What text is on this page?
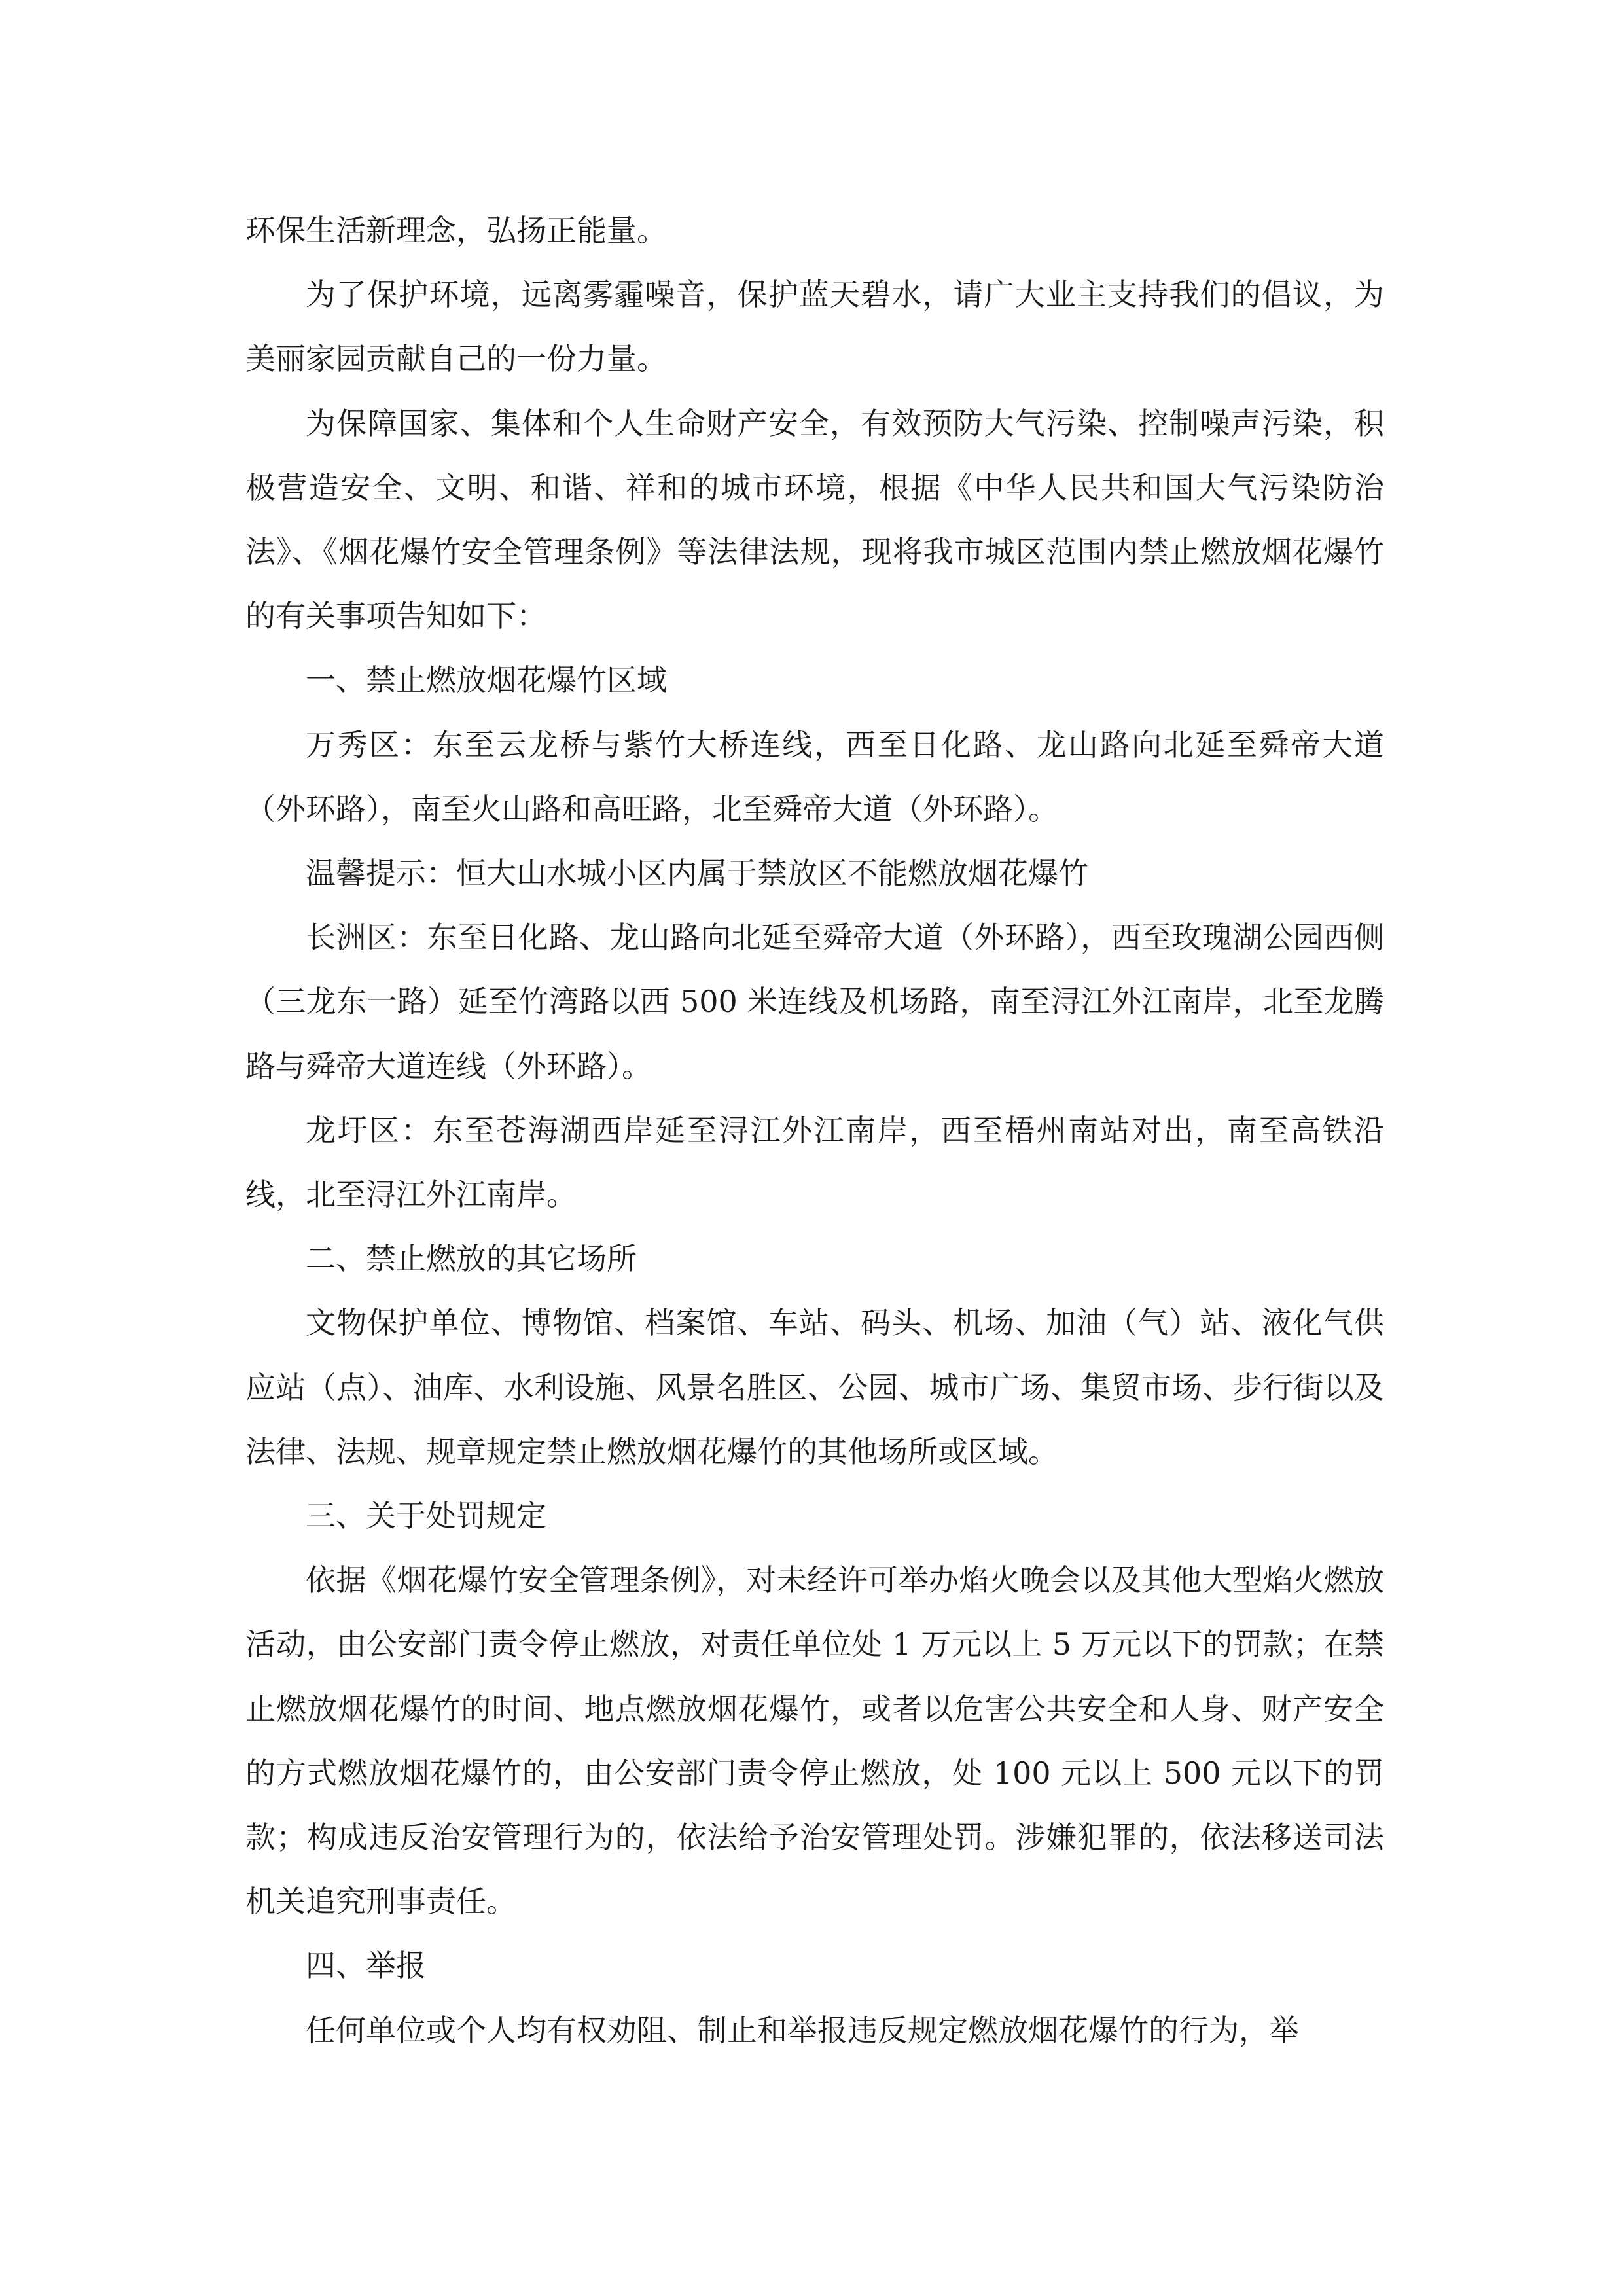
环保生活新理念，弘扬正能量。

为了保护环境，远离雾霾噪音，保护蓝天碧水，请广大业主支持我们的倡议，为美丽家园贡献自己的一份力量。

为保障国家、集体和个人生命财产安全，有效预防大气污染、控制噪声污染，积极营造安全、文明、和谐、祥和的城市环境，根据《中华人民共和国大气污染防治法》、《烟花爆竹安全管理条例》等法律法规，现将我市城区范围内禁止燃放烟花爆竹的有关事项告知如下：

一、禁止燃放烟花爆竹区域

万秀区：东至云龙桥与紫竹大桥连线，西至日化路、龙山路向北延至舜帝大道（外环路），南至火山路和高旺路，北至舜帝大道（外环路）。

温馨提示：恒大山水城小区内属于禁放区不能燃放烟花爆竹

长洲区：东至日化路、龙山路向北延至舜帝大道（外环路），西至玫瑰湖公园西侧（三龙东一路）延至竹湾路以西 500 米连线及机场路，南至浔江外江南岸，北至龙腾路与舜帝大道连线（外环路）。

龙圩区：东至苍海湖西岸延至浔江外江南岸，西至梧州南站对出，南至高铁沿线，北至浔江外江南岸。

二、禁止燃放的其它场所

文物保护单位、博物馆、档案馆、车站、码头、机场、加油（气）站、液化气供应站（点）、油库、水利设施、风景名胜区、公园、城市广场、集贸市场、步行街以及法律、法规、规章规定禁止燃放烟花爆竹的其他场所或区域。

三、关于处罚规定

依据《烟花爆竹安全管理条例》，对未经许可举办焰火晚会以及其他大型焰火燃放活动，由公安部门责令停止燃放，对责任单位处 1 万元以上 5 万元以下的罚款；在禁止燃放烟花爆竹的时间、地点燃放烟花爆竹，或者以危害公共安全和人身、财产安全的方式燃放烟花爆竹的，由公安部门责令停止燃放，处 100 元以上 500 元以下的罚款；构成违反治安管理行为的，依法给予治安管理处罚。涉嫌犯罪的，依法移送司法机关追究刑事责任。

四、举报

任何单位或个人均有权劝阻、制止和举报违反规定燃放烟花爆竹的行为，举
